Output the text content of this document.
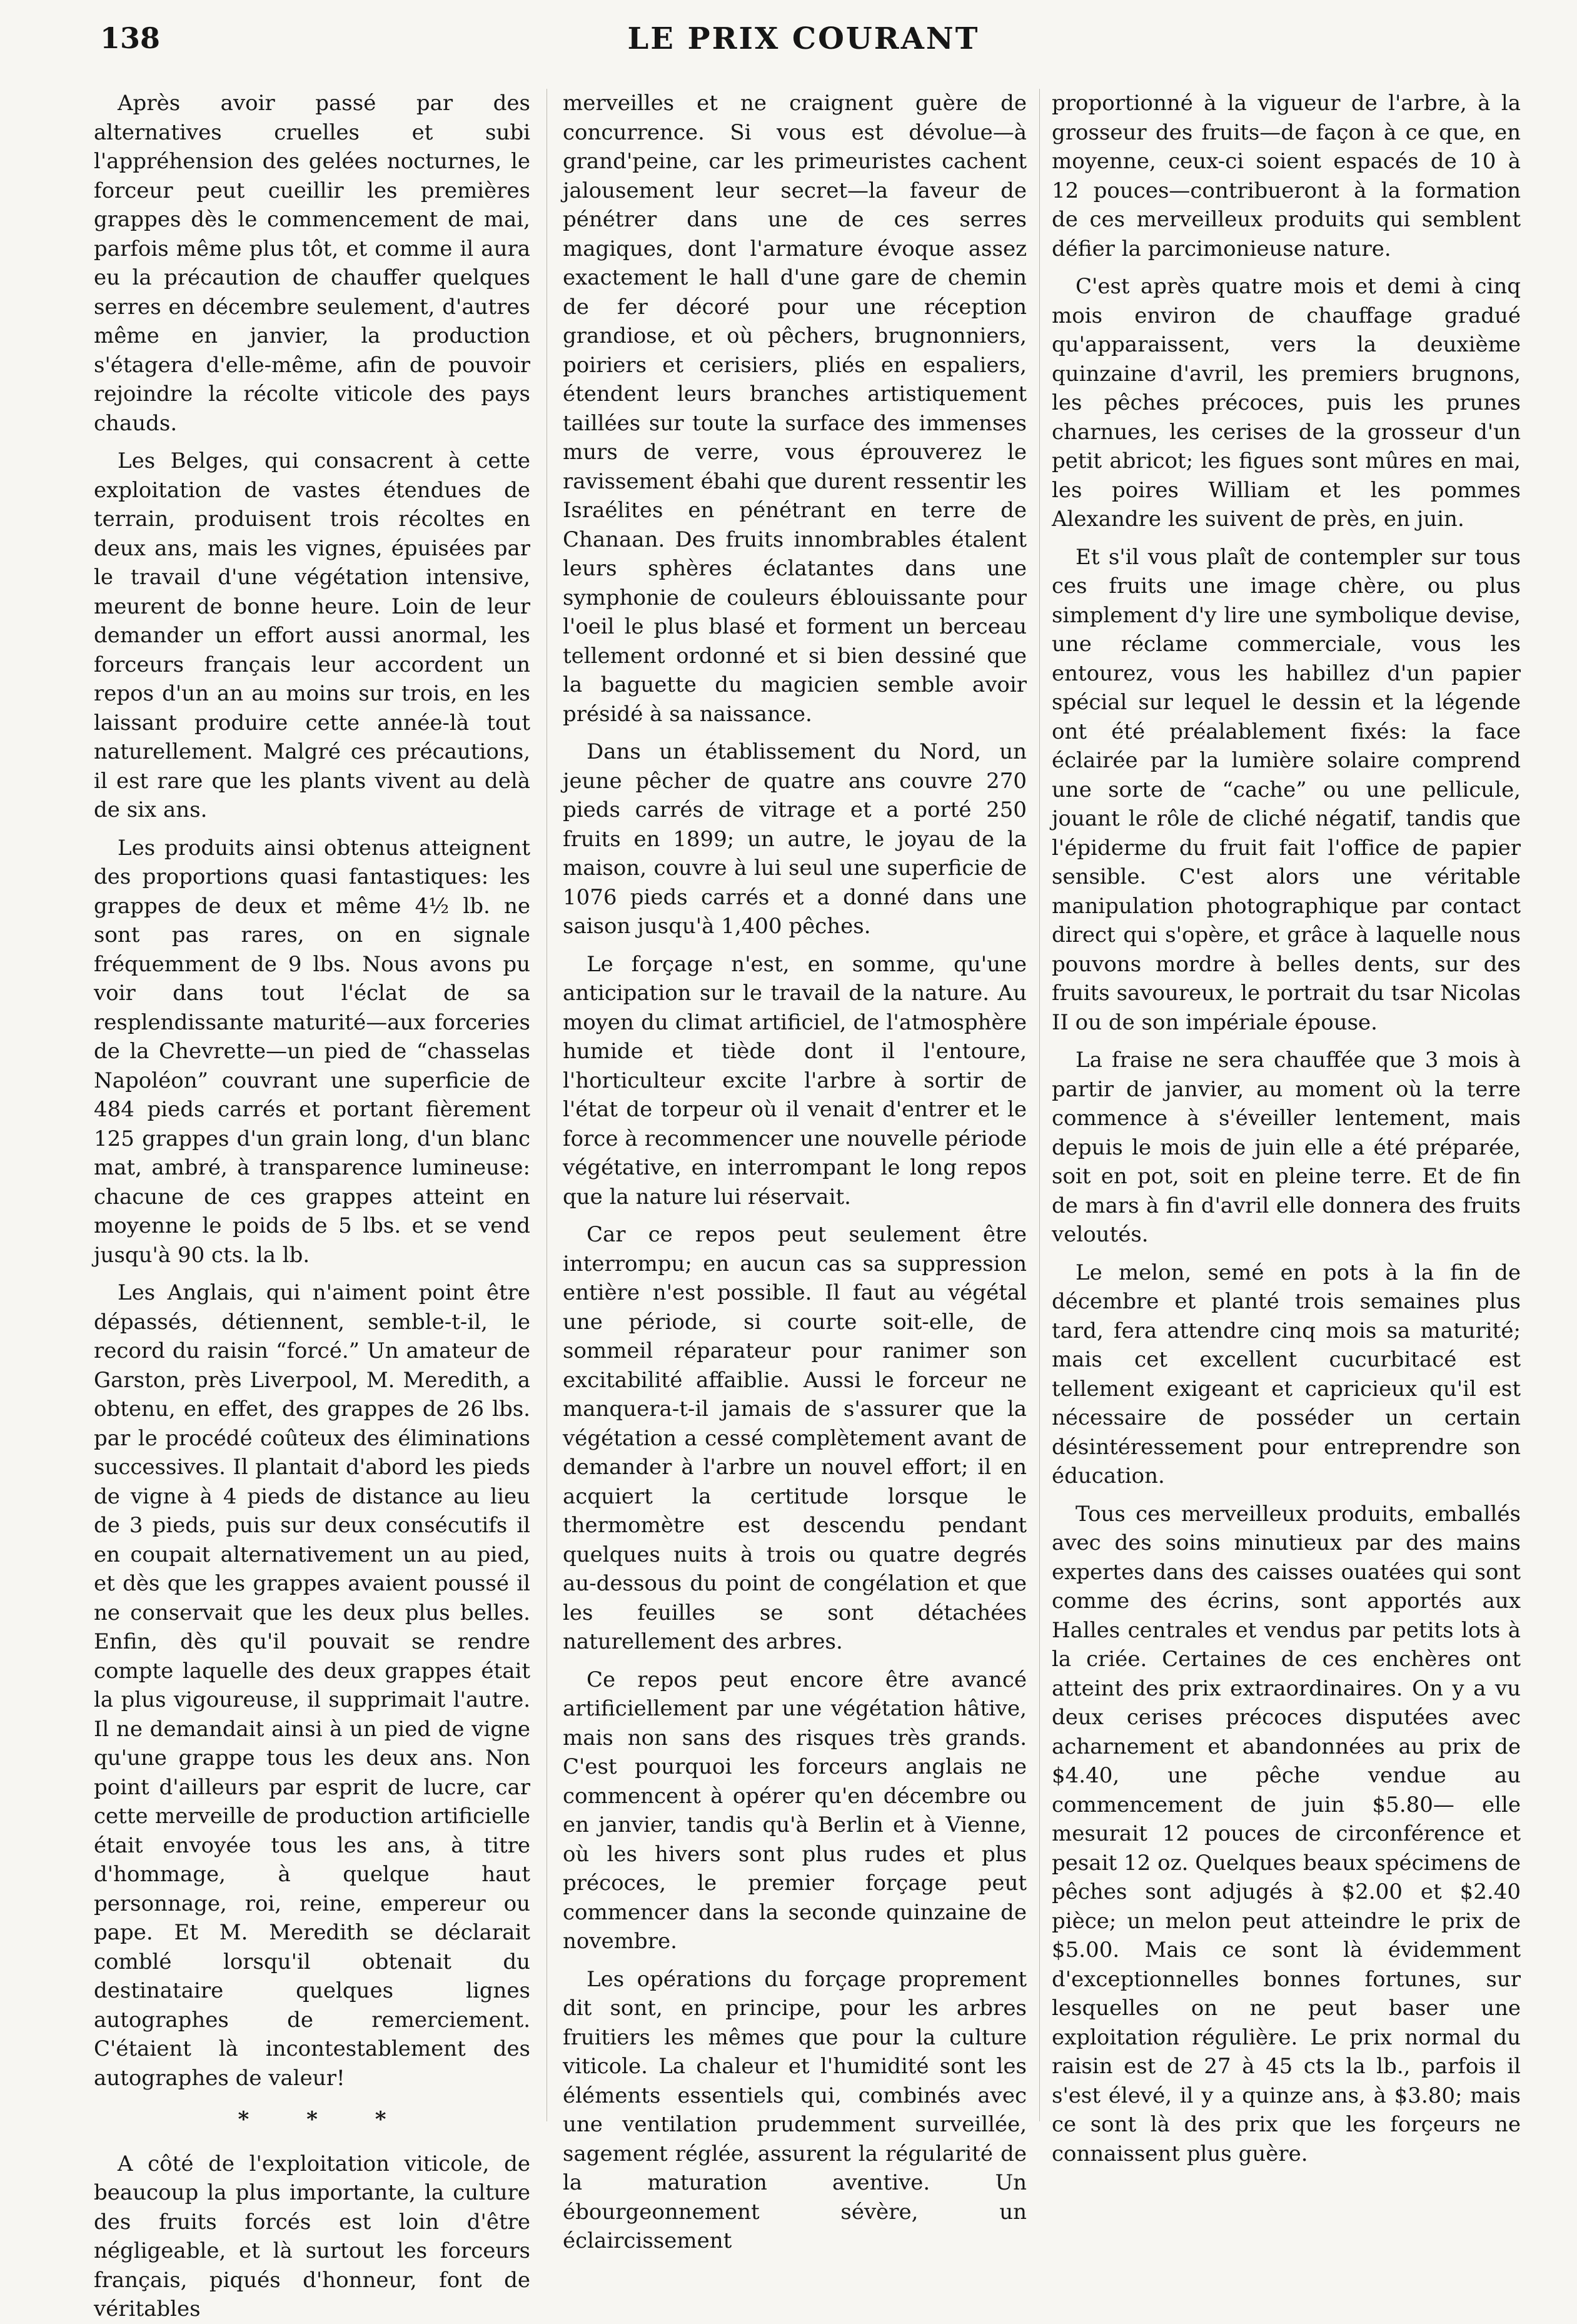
138	LE PRIX COURANT

Après avoir passé par des alternatives cruelles et subi l'appréhension des gelées nocturnes, le forceur peut cueillir les premières grappes dès le commencement de mai, parfois même plus tôt, et comme il aura eu la précaution de chauffer quelques serres en décembre seulement, d'autres même en janvier, la production s'étagera d'elle-même, afin de pouvoir rejoindre la récolte viticole des pays chauds.

Les Belges, qui consacrent à cette exploitation de vastes étendues de terrain, produisent trois récoltes en deux ans, mais les vignes, épuisées par le travail d'une végétation intensive, meurent de bonne heure. Loin de leur demander un effort aussi anormal, les forceurs français leur accordent un repos d'un an au moins sur trois, en les laissant produire cette année-là tout naturellement. Malgré ces précautions, il est rare que les plants vivent au delà de six ans.

Les produits ainsi obtenus atteignent des proportions quasi fantastiques: les grappes de deux et même 4½ lb. ne sont pas rares, on en signale fréquemment de 9 lbs. Nous avons pu voir dans tout l'éclat de sa resplendissante maturité—aux forceries de la Chevrette—un pied de “chasselas Napoléon” couvrant une superficie de 484 pieds carrés et portant fièrement 125 grappes d'un grain long, d'un blanc mat, ambré, à transparence lumineuse: chacune de ces grappes atteint en moyenne le poids de 5 lbs. et se vend jusqu'à 90 cts. la lb.

Les Anglais, qui n'aiment point être dépassés, détiennent, semble-t-il, le record du raisin “forcé.” Un amateur de Garston, près Liverpool, M. Meredith, a obtenu, en effet, des grappes de 26 lbs. par le procédé coûteux des éliminations successives. Il plantait d'abord les pieds de vigne à 4 pieds de distance au lieu de 3 pieds, puis sur deux consécutifs il en coupait alternativement un au pied, et dès que les grappes avaient poussé il ne conservait que les deux plus belles. Enfin, dès qu'il pouvait se rendre compte laquelle des deux grappes était la plus vigoureuse, il supprimait l'autre. Il ne demandait ainsi à un pied de vigne qu'une grappe tous les deux ans. Non point d'ailleurs par esprit de lucre, car cette merveille de production artificielle était envoyée tous les ans, à titre d'hommage, à quelque haut personnage, roi, reine, empereur ou pape. Et M. Meredith se déclarait comblé lorsqu'il obtenait du destinataire quelques lignes autographes de remerciement. C'étaient là incontestablement des autographes de valeur!

* * *

A côté de l'exploitation viticole, de beaucoup la plus importante, la culture des fruits forcés est loin d'être négligeable, et là surtout les forceurs français, piqués d'honneur, font de véritables

merveilles et ne craignent guère de concurrence. Si vous est dévolue—à grand'peine, car les primeuristes cachent jalousement leur secret—la faveur de pénétrer dans une de ces serres magiques, dont l'armature évoque assez exactement le hall d'une gare de chemin de fer décoré pour une réception grandiose, et où pêchers, brugnonniers, poiriers et cerisiers, pliés en espaliers, étendent leurs branches artistiquement taillées sur toute la surface des immenses murs de verre, vous éprouverez le ravissement ébahi que durent ressentir les Israélites en pénétrant en terre de Chanaan. Des fruits innombrables étalent leurs sphères éclatantes dans une symphonie de couleurs éblouissante pour l'oeil le plus blasé et forment un berceau tellement ordonné et si bien dessiné que la baguette du magicien semble avoir présidé à sa naissance.

Dans un établissement du Nord, un jeune pêcher de quatre ans couvre 270 pieds carrés de vitrage et a porté 250 fruits en 1899; un autre, le joyau de la maison, couvre à lui seul une superficie de 1076 pieds carrés et a donné dans une saison jusqu'à 1,400 pêches.

Le forçage n'est, en somme, qu'une anticipation sur le travail de la nature. Au moyen du climat artificiel, de l'atmosphère humide et tiède dont il l'entoure, l'horticulteur excite l'arbre à sortir de l'état de torpeur où il venait d'entrer et le force à recommencer une nouvelle période végétative, en interrompant le long repos que la nature lui réservait.

Car ce repos peut seulement être interrompu; en aucun cas sa suppression entière n'est possible. Il faut au végétal une période, si courte soit-elle, de sommeil réparateur pour ranimer son excitabilité affaiblie. Aussi le forceur ne manquera-t-il jamais de s'assurer que la végétation a cessé complètement avant de demander à l'arbre un nouvel effort; il en acquiert la certitude lorsque le thermomètre est descendu pendant quelques nuits à trois ou quatre degrés au-dessous du point de congélation et que les feuilles se sont détachées naturellement des arbres.

Ce repos peut encore être avancé artificiellement par une végétation hâtive, mais non sans des risques très grands. C'est pourquoi les forceurs anglais ne commencent à opérer qu'en décembre ou en janvier, tandis qu'à Berlin et à Vienne, où les hivers sont plus rudes et plus précoces, le premier forçage peut commencer dans la seconde quinzaine de novembre.

Les opérations du forçage proprement dit sont, en principe, pour les arbres fruitiers les mêmes que pour la culture viticole. La chaleur et l'humidité sont les éléments essentiels qui, combinés avec une ventilation prudemment surveillée, sagement réglée, assurent la régularité de la maturation aventive. Un ébourgeonnement sévère, un éclaircissement

proportionné à la vigueur de l'arbre, à la grosseur des fruits—de façon à ce que, en moyenne, ceux-ci soient espacés de 10 à 12 pouces—contribueront à la formation de ces merveilleux produits qui semblent défier la parcimonieuse nature.

C'est après quatre mois et demi à cinq mois environ de chauffage gradué qu'apparaissent, vers la deuxième quinzaine d'avril, les premiers brugnons, les pêches précoces, puis les prunes charnues, les cerises de la grosseur d'un petit abricot; les figues sont mûres en mai, les poires William et les pommes Alexandre les suivent de près, en juin.

Et s'il vous plaît de contempler sur tous ces fruits une image chère, ou plus simplement d'y lire une symbolique devise, une réclame commerciale, vous les entourez, vous les habillez d'un papier spécial sur lequel le dessin et la légende ont été préalablement fixés: la face éclairée par la lumière solaire comprend une sorte de “cache” ou une pellicule, jouant le rôle de cliché négatif, tandis que l'épiderme du fruit fait l'office de papier sensible. C'est alors une véritable manipulation photographique par contact direct qui s'opère, et grâce à laquelle nous pouvons mordre à belles dents, sur des fruits savoureux, le portrait du tsar Nicolas II ou de son impériale épouse.

La fraise ne sera chauffée que 3 mois à partir de janvier, au moment où la terre commence à s'éveiller lentement, mais depuis le mois de juin elle a été préparée, soit en pot, soit en pleine terre. Et de fin de mars à fin d'avril elle donnera des fruits veloutés.

Le melon, semé en pots à la fin de décembre et planté trois semaines plus tard, fera attendre cinq mois sa maturité; mais cet excellent cucurbitacé est tellement exigeant et capricieux qu'il est nécessaire de posséder un certain désintéressement pour entreprendre son éducation.

Tous ces merveilleux produits, emballés avec des soins minutieux par des mains expertes dans des caisses ouatées qui sont comme des écrins, sont apportés aux Halles centrales et vendus par petits lots à la criée. Certaines de ces enchères ont atteint des prix extraordinaires. On y a vu deux cerises précoces disputées avec acharnement et abandonnées au prix de $4.40, une pêche vendue au commencement de juin $5.80— elle mesurait 12 pouces de circonférence et pesait 12 oz. Quelques beaux spécimens de pêches sont adjugés à $2.00 et $2.40 pièce; un melon peut atteindre le prix de $5.00. Mais ce sont là évidemment d'exceptionnelles bonnes fortunes, sur lesquelles on ne peut baser une exploitation régulière. Le prix normal du raisin est de 27 à 45 cts la lb., parfois il s'est élevé, il y a quinze ans, à $3.80; mais ce sont là des prix que les forçeurs ne connaissent plus guère.
